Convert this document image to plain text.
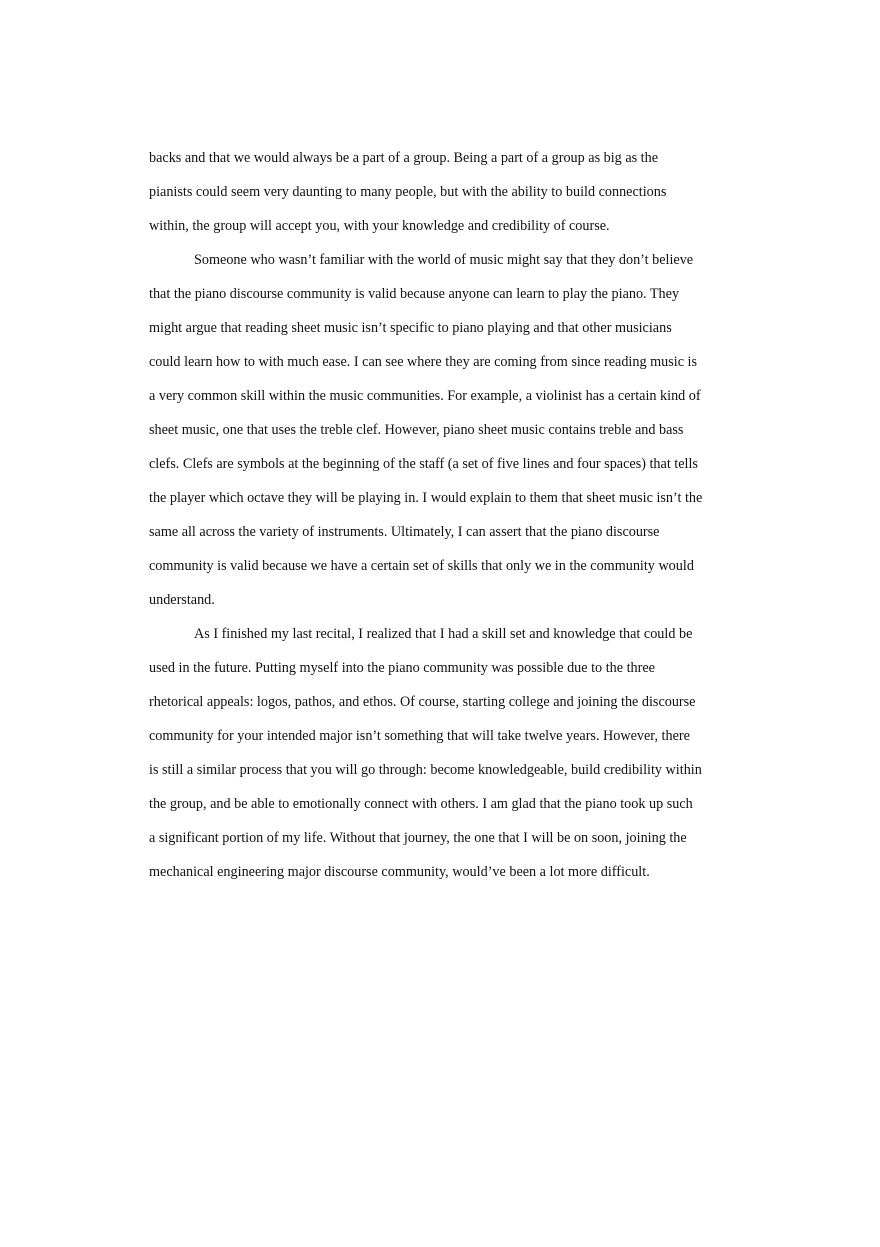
backs and that we would always be a part of a group. Being a part of a group as big as the
pianists could seem very daunting to many people, but with the ability to build connections
within, the group will accept you, with your knowledge and credibility of course.
Someone who wasn’t familiar with the world of music might say that they don’t believe
that the piano discourse community is valid because anyone can learn to play the piano. They
might argue that reading sheet music isn’t specific to piano playing and that other musicians
could learn how to with much ease. I can see where they are coming from since reading music is
a very common skill within the music communities. For example, a violinist has a certain kind of
sheet music, one that uses the treble clef. However, piano sheet music contains treble and bass
clefs. Clefs are symbols at the beginning of the staff (a set of five lines and four spaces) that tells
the player which octave they will be playing in. I would explain to them that sheet music isn’t the
same all across the variety of instruments. Ultimately, I can assert that the piano discourse
community is valid because we have a certain set of skills that only we in the community would
understand.
As I finished my last recital, I realized that I had a skill set and knowledge that could be
used in the future. Putting myself into the piano community was possible due to the three
rhetorical appeals: logos, pathos, and ethos. Of course, starting college and joining the discourse
community for your intended major isn’t something that will take twelve years. However, there
is still a similar process that you will go through: become knowledgeable, build credibility within
the group, and be able to emotionally connect with others. I am glad that the piano took up such
a significant portion of my life. Without that journey, the one that I will be on soon, joining the
mechanical engineering major discourse community, would’ve been a lot more difficult.
